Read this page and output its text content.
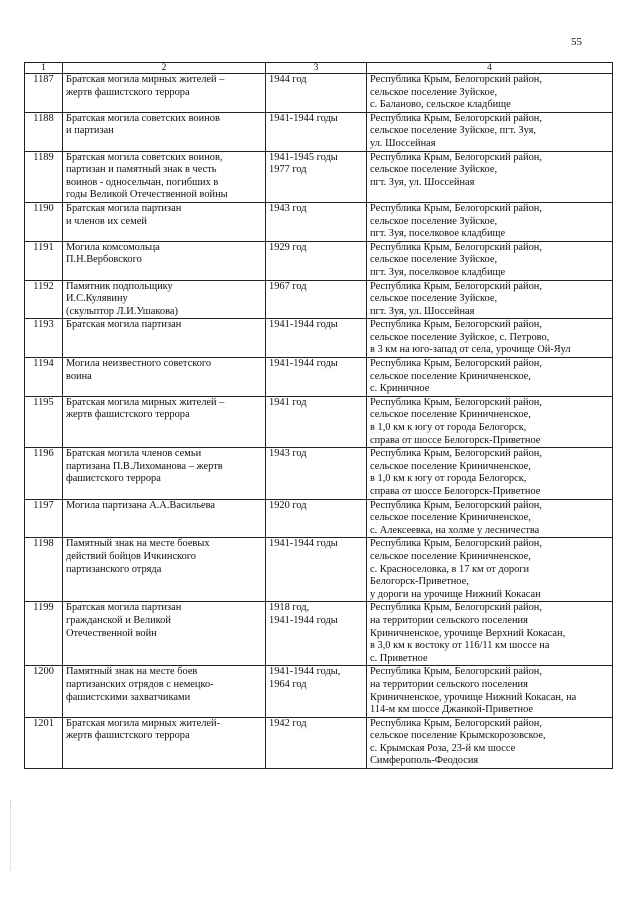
55
1	2	3	4
1187	Братская могила мирных жителей –
жертв фашистского террора	1944 год	Республика Крым, Белогорский район,
сельское поселение Зуйское,
с. Баланово, сельское кладбище

1188	Братская могила советских воинов
и партизан	1941-1944 годы	Республика Крым, Белогорский район,
сельское поселение Зуйское, пгт. Зуя,
ул. Шоссейная

1189	Братская могила советских воинов,
партизан и памятный знак в честь
воинов - односельчан, погибших в
годы Великой Отечественной войны	1941-1945 годы
1977 год	Республика Крым, Белогорский район,
сельское поселение Зуйское,
пгт. Зуя, ул. Шоссейная

1190	Братская могила партизан
и членов их семей	1943 год	Республика Крым, Белогорский район,
сельское поселение Зуйское,
пгт. Зуя, поселковое кладбище

1191	Могила комсомольца
П.Н.Вербовского	1929 год	Республика Крым, Белогорский район,
сельское поселение Зуйское,
пгт. Зуя, поселковое кладбище

1192	Памятник подпольщику
И.С.Кулявину
(скульптор Л.И.Ушакова)	1967 год	Республика Крым, Белогорский район,
сельское поселение Зуйское,
пгт. Зуя, ул. Шоссейная

1193	Братская могила партизан	1941-1944 годы	Республика Крым, Белогорский район,
сельское поселение Зуйское, с. Петрово,
в 3 км на юго-запад от села, урочище Ой-Яул

1194	Могила неизвестного советского
воина	1941-1944 годы	Республика Крым, Белогорский район,
сельское поселение Криничненское,
с. Криничное

1195	Братская могила мирных жителей –
жертв фашистского террора	1941 год	Республика Крым, Белогорский район,
сельское поселение Криничненское,
в 1,0 км к югу от города Белогорск,
справа от шоссе Белогорск-Приветное

1196	Братская могила членов семьи
партизана П.В.Лихоманова – жертв
фашистского террора	1943 год	Республика Крым, Белогорский район,
сельское поселение Криничненское,
в 1,0 км к югу от города Белогорск,
справа от шоссе Белогорск-Приветное

1197	Могила партизана А.А.Васильева	1920 год	Республика Крым, Белогорский район,
сельское поселение Криничненское,
с. Алексеевка, на холме у лесничества

1198	Памятный знак на месте боевых
действий бойцов Ичкинского
партизанского отряда	1941-1944 годы	Республика Крым, Белогорский район,
сельское поселение Криничненское,
с. Красноселовка, в 17 км от дороги
Белогорск-Приветное,
у дороги на урочище Нижний Кокасан

1199	Братская могила партизан
гражданской и Великой
Отечественной войн	1918 год,
1941-1944 годы	Республика Крым, Белогорский район,
на территории сельского поселения
Криничненское, урочище Верхний Кокасан,
в 3,0 км к востоку от 116/11 км шоссе на
с. Приветное

1200	Памятный знак на месте боев
партизанских отрядов с немецко-
фашистскими захватчиками	1941-1944 годы,
1964 год	Республика Крым, Белогорский район,
на территории сельского поселения
Криничненское, урочище Нижний Кокасан, на
114-м км шоссе Джанкой-Приветное

1201	Братская могила мирных жителей-
жертв фашистского террора	1942 год	Республика Крым, Белогорский район,
сельское поселение Крымскорозовское,
с. Крымская Роза, 23-й км шоссе
Симферополь-Феодосия
